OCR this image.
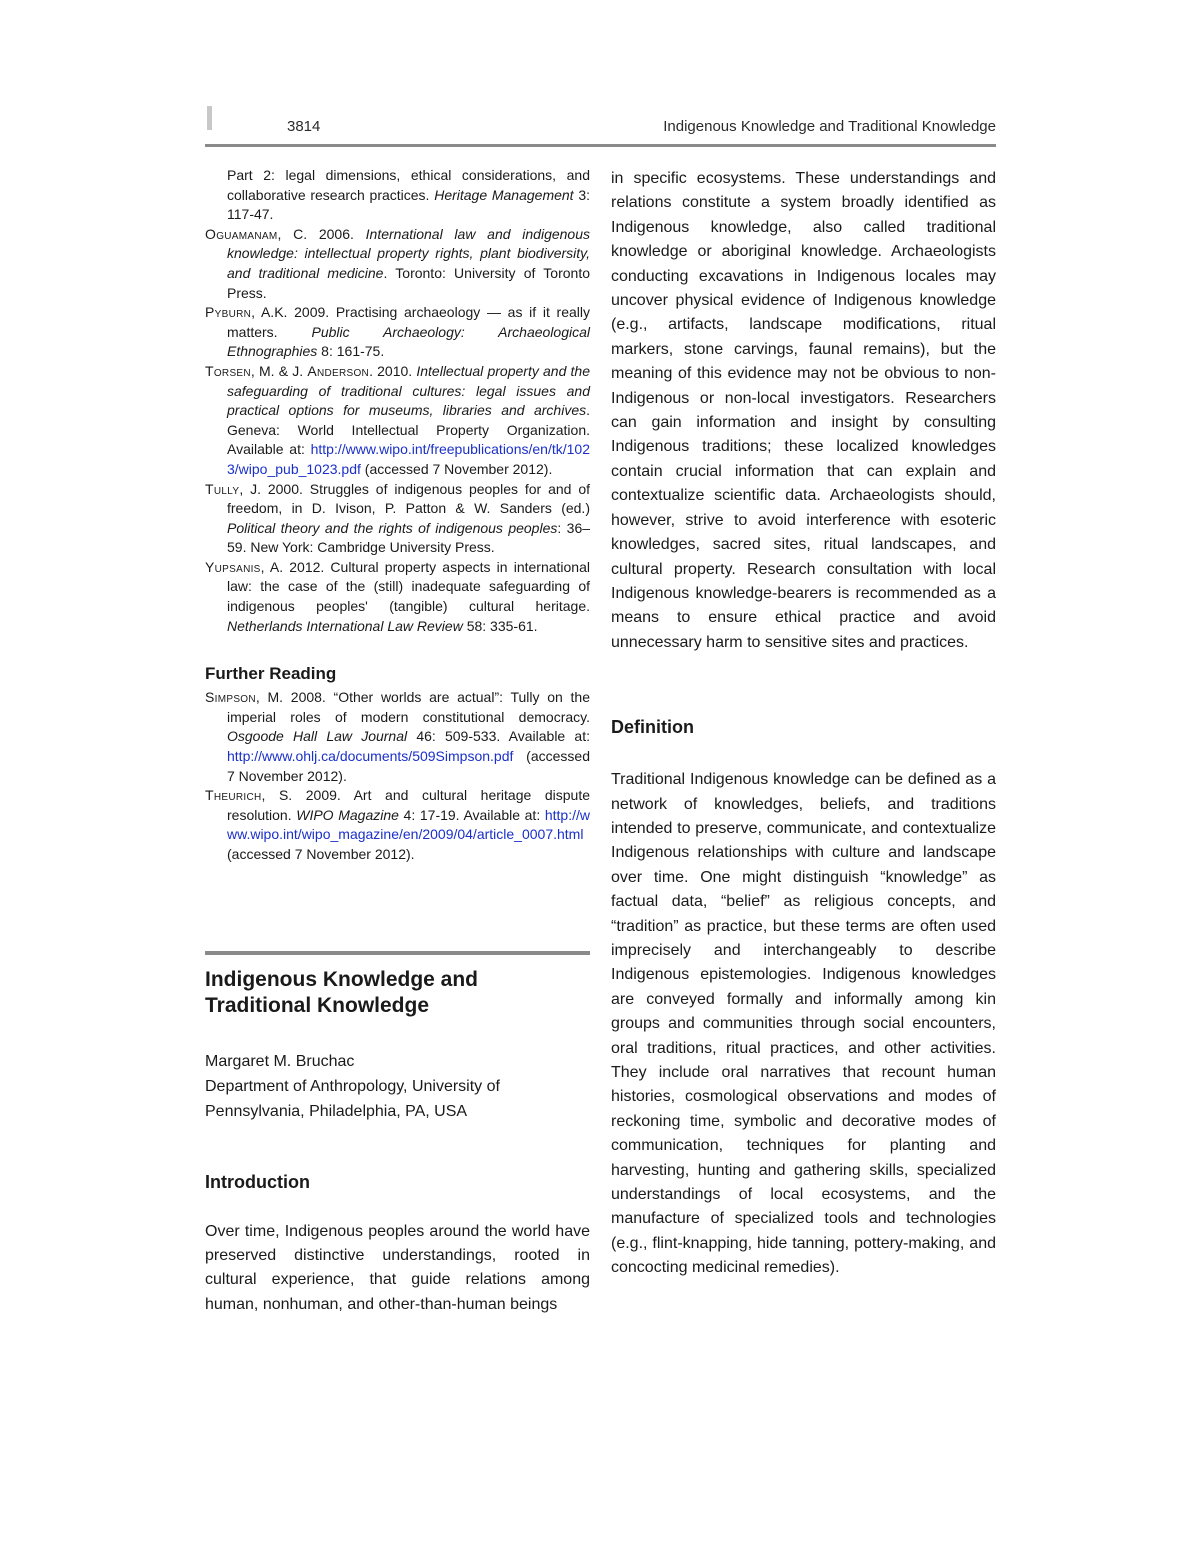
3814	Indigenous Knowledge and Traditional Knowledge

Part 2: legal dimensions, ethical considerations, and collaborative research practices. Heritage Management 3: 117-47.

Oguamanam, C. 2006. International law and indigenous knowledge: intellectual property rights, plant biodiversity, and traditional medicine. Toronto: University of Toronto Press.

Pyburn, A.K. 2009. Practising archaeology — as if it really matters. Public Archaeology: Archaeological Ethnographies 8: 161-75.

Torsen, M. & J. Anderson. 2010. Intellectual property and the safeguarding of traditional cultures: legal issues and practical options for museums, libraries and archives. Geneva: World Intellectual Property Organization. Available at: http://www.wipo.int/freepublications/en/tk/1023/wipo_pub_1023.pdf (accessed 7 November 2012).

Tully, J. 2000. Struggles of indigenous peoples for and of freedom, in D. Ivison, P. Patton & W. Sanders (ed.) Political theory and the rights of indigenous peoples: 36–59. New York: Cambridge University Press.

Yupsanis, A. 2012. Cultural property aspects in international law: the case of the (still) inadequate safeguarding of indigenous peoples' (tangible) cultural heritage. Netherlands International Law Review 58: 335-61.

Further Reading

Simpson, M. 2008. “Other worlds are actual”: Tully on the imperial roles of modern constitutional democracy. Osgoode Hall Law Journal 46: 509-533. Available at: http://www.ohlj.ca/documents/509Simpson.pdf (accessed 7 November 2012).

Theurich, S. 2009. Art and cultural heritage dispute resolution. WIPO Magazine 4: 17-19. Available at: http://www.wipo.int/wipo_magazine/en/2009/04/article_0007.html (accessed 7 November 2012).

Indigenous Knowledge and
Traditional Knowledge
Margaret M. Bruchac
Department of Anthropology, University of
Pennsylvania, Philadelphia, PA, USA
Introduction

Over time, Indigenous peoples around the world have preserved distinctive understandings, rooted in cultural experience, that guide relations among human, nonhuman, and other-than-human beings

in specific ecosystems. These understandings and relations constitute a system broadly identified as Indigenous knowledge, also called traditional knowledge or aboriginal knowledge. Archaeologists conducting excavations in Indigenous locales may uncover physical evidence of Indigenous knowledge (e.g., artifacts, landscape modifications, ritual markers, stone carvings, faunal remains), but the meaning of this evidence may not be obvious to non-Indigenous or non-local investigators. Researchers can gain information and insight by consulting Indigenous traditions; these localized knowledges contain crucial information that can explain and contextualize scientific data. Archaeologists should, however, strive to avoid interference with esoteric knowledges, sacred sites, ritual landscapes, and cultural property. Research consultation with local Indigenous knowledge-bearers is recommended as a means to ensure ethical practice and avoid unnecessary harm to sensitive sites and practices.

Definition

Traditional Indigenous knowledge can be defined as a network of knowledges, beliefs, and traditions intended to preserve, communicate, and contextualize Indigenous relationships with culture and landscape over time. One might distinguish “knowledge” as factual data, “belief” as religious concepts, and “tradition” as practice, but these terms are often used imprecisely and interchangeably to describe Indigenous epistemologies. Indigenous knowledges are conveyed formally and informally among kin groups and communities through social encounters, oral traditions, ritual practices, and other activities. They include oral narratives that recount human histories, cosmological observations and modes of reckoning time, symbolic and decorative modes of communication, techniques for planting and harvesting, hunting and gathering skills, specialized understandings of local ecosystems, and the manufacture of specialized tools and technologies (e.g., flint-knapping, hide tanning, pottery-making, and concocting medicinal remedies).
